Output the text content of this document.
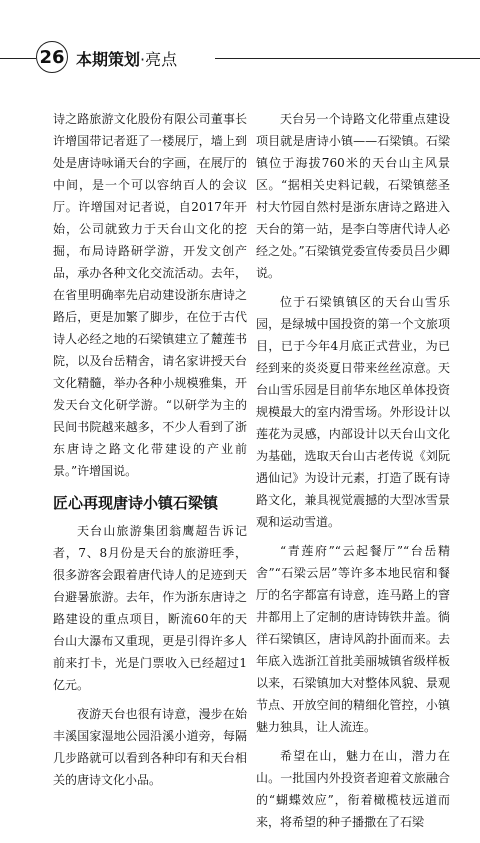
26 本期策划·亮点

诗之路旅游文化股份有限公司董事长许增国带记者逛了一楼展厅，墙上到处是唐诗咏诵天台的字画，在展厅的中间，是一个可以容纳百人的会议厅。许增国对记者说，自2017年开始，公司就致力于天台山文化的挖掘，布局诗路研学游，开发文创产品，承办各种文化交流活动。去年，在省里明确率先启动建设浙东唐诗之路后，更是加繁了脚步，在位于古代诗人必经之地的石梁镇建立了麓莲书院，以及台岳精舍，请名家讲授天台文化精髓，举办各种小规模雅集，开发天台文化研学游。“以研学为主的民间书院越来越多，不少人看到了浙东唐诗之路文化带建设的产业前景。”许增国说。

匠心再现唐诗小镇石梁镇

天台山旅游集团翁鹰超告诉记者，7、8月份是天台的旅游旺季，很多游客会跟着唐代诗人的足迹到天台避暑旅游。去年，作为浙东唐诗之路建设的重点项目，断流60年的天台山大瀑布又重现，更是引得许多人前来打卡，光是门票收入已经超过1亿元。

夜游天台也很有诗意，漫步在始丰溪国家湿地公园沿溪小道旁，每隔几步路就可以看到各种印有和天台相关的唐诗文化小品。

天台另一个诗路文化带重点建设项目就是唐诗小镇——石梁镇。石梁镇位于海拔760米的天台山主风景区。“据相关史料记载，石梁镇慈圣村大竹园自然村是浙东唐诗之路进入天台的第一站，是李白等唐代诗人必经之处。”石梁镇党委宣传委员吕少卿说。

位于石梁镇镇区的天台山雪乐园，是绿城中国投资的第一个文旅项目，已于今年4月底正式营业，为已经到来的炎炎夏日带来丝丝凉意。天台山雪乐园是目前华东地区单体投资规模最大的室内滑雪场。外形设计以莲花为灵感，内部设计以天台山文化为基础，选取天台山古老传说《刘阮遇仙记》为设计元素，打造了既有诗路文化，兼具视觉震撼的大型冰雪景观和运动雪道。

“青莲府”“云起餐厅”“台岳精舍”“石梁云居”等许多本地民宿和餐厅的名字都富有诗意，连马路上的窨井都用上了定制的唐诗铸铁井盖。徜徉石梁镇区，唐诗风韵扑面而来。去年底入选浙江首批美丽城镇省级样板以来，石梁镇加大对整体风貌、景观节点、开放空间的精细化管控，小镇魅力独具，让人流连。

希望在山，魅力在山，潜力在山。一批国内外投资者迎着文旅融合的“蝴蝶效应”，衔着橄榄枝远道而来，将希望的种子播撒在了石梁
